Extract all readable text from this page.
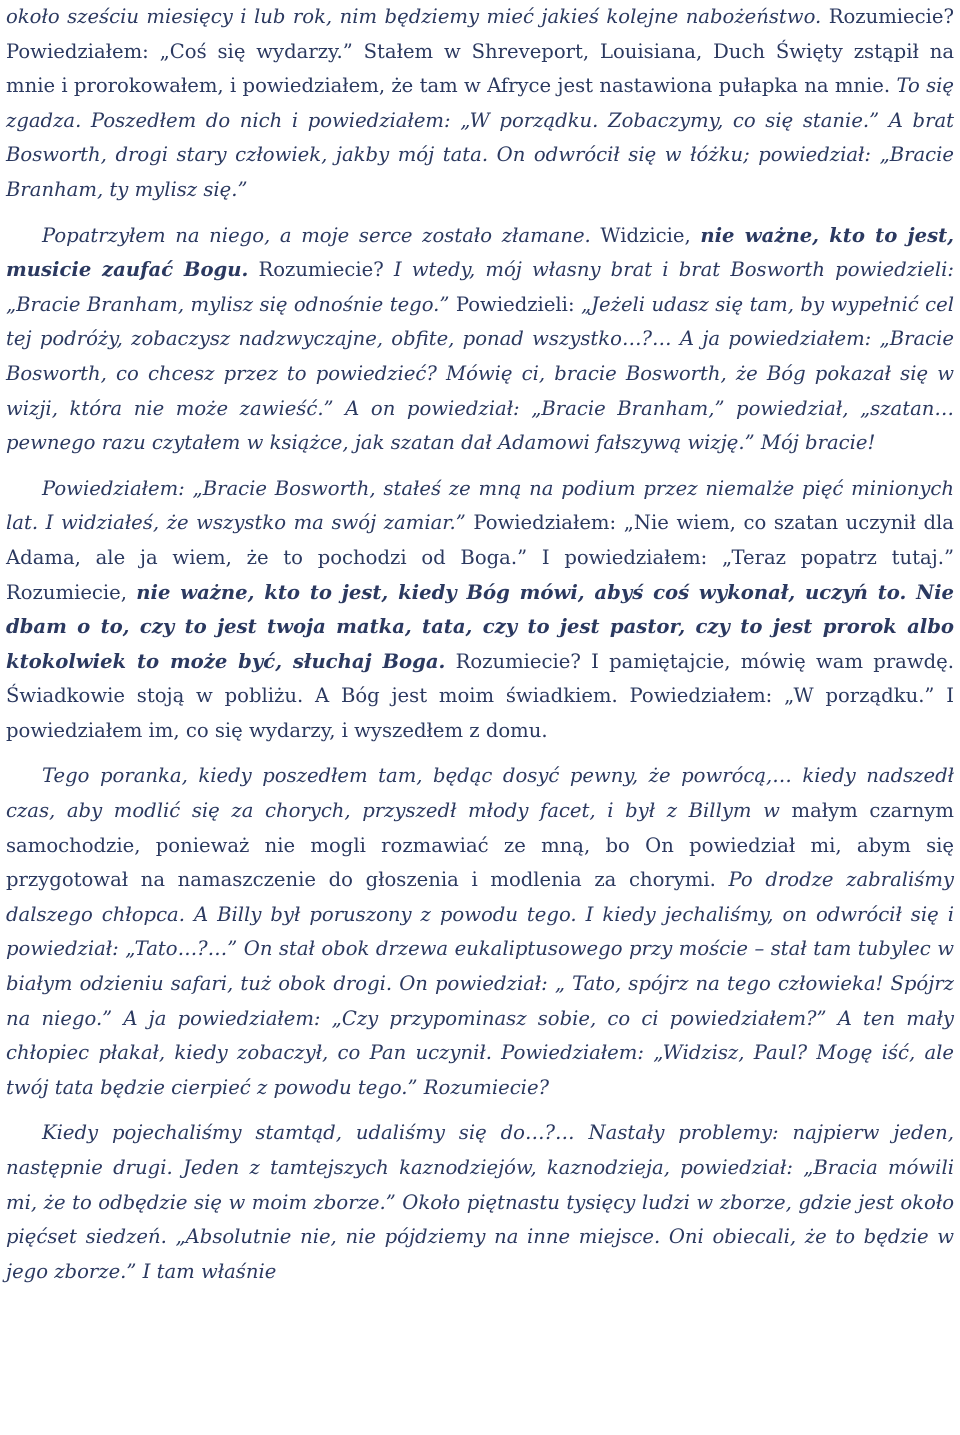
około sześciu miesięcy i lub rok, nim będziemy mieć jakieś kolejne nabożeństwo. Rozumiecie? Powiedziałem: „Coś się wydarzy.” Stałem w Shreveport, Louisiana, Duch Święty zstąpił na mnie i prorokowałem, i powiedziałem, że tam w Afryce jest nastawiona pułapka na mnie. To się zgadza. Poszedłem do nich i powiedziałem: „W porządku. Zobaczymy, co się stanie.” A brat Bosworth, drogi stary człowiek, jakby mój tata. On odwrócił się w łóżku; powiedział: „Bracie Branham, ty mylisz się.”

Popatrzyłem na niego, a moje serce zostało złamane. Widzicie, nie ważne, kto to jest, musicie zaufać Bogu. Rozumiecie? I wtedy, mój własny brat i brat Bosworth powiedzieli: „Bracie Branham, mylisz się odnośnie tego.” Powiedzieli: „Jeżeli udasz się tam, by wypełnić cel tej podróży, zobaczysz nadzwyczajne, obfite, ponad wszystko…?… A ja powiedziałem: „Bracie Bosworth, co chcesz przez to powiedzieć? Mówię ci, bracie Bosworth, że Bóg pokazał się w wizji, która nie może zawieść.” A on powiedział: „Bracie Branham,” powiedział, „szatan… pewnego razu czytałem w książce, jak szatan dał Adamowi fałszywą wizję.” Mój bracie!

Powiedziałem: „Bracie Bosworth, stałeś ze mną na podium przez niemalże pięć minionych lat. I widziałeś, że wszystko ma swój zamiar.” Powiedziałem: „Nie wiem, co szatan uczynił dla Adama, ale ja wiem, że to pochodzi od Boga.” I powiedziałem: „Teraz popatrz tutaj.” Rozumiecie, nie ważne, kto to jest, kiedy Bóg mówi, abyś coś wykonał, uczyń to. Nie dbam o to, czy to jest twoja matka, tata, czy to jest pastor, czy to jest prorok albo ktokolwiek to może być, słuchaj Boga. Rozumiecie? I pamiętajcie, mówię wam prawdę. Świadkowie stoją w pobliżu. A Bóg jest moim świadkiem. Powiedziałem: „W porządku.” I powiedziałem im, co się wydarzy, i wyszedłem z domu.

Tego poranka, kiedy poszedłem tam, będąc dosyć pewny, że powrócą,… kiedy nadszedł czas, aby modlić się za chorych, przyszedł młody facet, i był z Billym w małym czarnym samochodzie, ponieważ nie mogli rozmawiać ze mną, bo On powiedział mi, abym się przygotował na namaszczenie do głoszenia i modlenia za chorymi. Po drodze zabraliśmy dalszego chłopca. A Billy był poruszony z powodu tego. I kiedy jechaliśmy, on odwrócił się i powiedział: „Tato…?…” On stał obok drzewa eukaliptusowego przy moście – stał tam tubylec w białym odzieniu safari, tuż obok drogi. On powiedział: „ Tato, spójrz na tego człowieka! Spójrz na niego.” A ja powiedziałem: „Czy przypominasz sobie, co ci powiedziałem?” A ten mały chłopiec płakał, kiedy zobaczył, co Pan uczynił. Powiedziałem: „Widzisz, Paul? Mogę iść, ale twój tata będzie cierpieć z powodu tego.” Rozumiecie?

Kiedy pojechaliśmy stamtąd, udaliśmy się do…?… Nastały problemy: najpierw jeden, następnie drugi. Jeden z tamtejszych kaznodziejów, kaznodzieja, powiedział: „Bracia mówili mi, że to odbędzie się w moim zborze.” Około piętnastu tysięcy ludzi w zborze, gdzie jest około pięćset siedzeń. „Absolutnie nie, nie pójdziemy na inne miejsce. Oni obiecali, że to będzie w jego zborze.” I tam właśnie
